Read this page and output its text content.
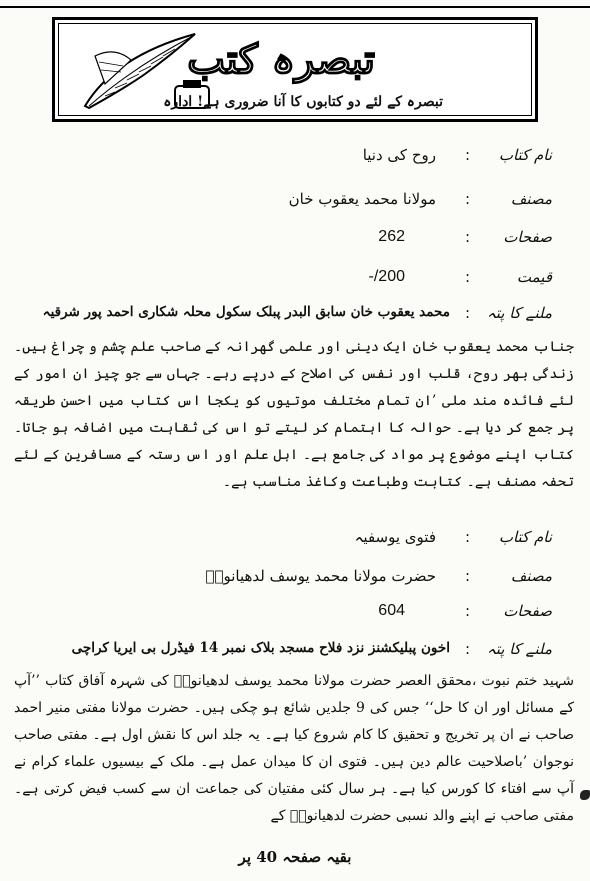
تبصرہ کتب
تبصرہ کے لئے دو کتابوں کا آنا ضروری ہے! ادارہ
نام کتاب
:
روح کی دنیا
مصنف
:
مولانا محمد یعقوب خان
صفحات
:
262
قیمت
:
-/200
ملنے کا پتہ
:
محمد یعقوب خان سابق البدر پبلک سکول محلہ شکاری احمد پور شرقیہ

جناب محمد یعقوب خان ایک دینی اور علمی گھرانہ کے صاحب علم چشم و چراغ ہیں۔ زندگی بھر روح، قلب اور نفس کی اصلاح کے درپے رہے۔ جہاں سے جو چیز ان امور کے لئے فائدہ مند ملی ’ان تمام مختلف موتیوں کو یکجا اس کتاب میں احسن طریقہ پر جمع کر دیا ہے۔ حوالہ کا اہتمام کر لیتے تو اس کی ثقاہت میں اضافہ ہو جاتا۔ کتاب اپنے موضوع پر مواد کی جامع ہے۔ اہل علم اور اس رستہ کے مسافرین کے لئے تحفہ مصنف ہے۔ کتابت وطباعت وکاغذ مناسب ہے۔

نام کتاب
:
فتوی یوسفیہ
مصنف
:
حضرت مولانا محمد یوسف لدھیانویؒ
صفحات
:
604
ملنے کا پتہ
:
اخون پبلیکشنز نزد فلاح مسجد بلاک نمبر 14 فیڈرل بی ایریا کراچی

شہید ختم نبوت ،محقق العصر حضرت مولانا محمد یوسف لدھیانویؒ کی شہرہ آفاق کتاب ’’آپ کے مسائل اور ان کا حل‘‘ جس کی 9 جلدیں شائع ہو چکی ہیں۔ حضرت مولانا مفتی منیر احمد صاحب نے ان پر تخریج و تحقیق کا کام شروع کیا ہے۔ یہ جلد اس کا نقش اول ہے۔ مفتی صاحب نوجوان ’باصلاحیت عالم دین ہیں۔ فتوی ان کا میدان عمل ہے۔ ملک کے بیسیوں علماء کرام نے آپ سے افتاء کا کورس کیا ہے۔ ہر سال کئی مفتیان کی جماعت ان سے کسب فیض کرتی ہے۔ مفتی صاحب نے اپنے والد نسبی حضرت لدھیانویؒ کے

بقیہ صفحہ 40 پر
